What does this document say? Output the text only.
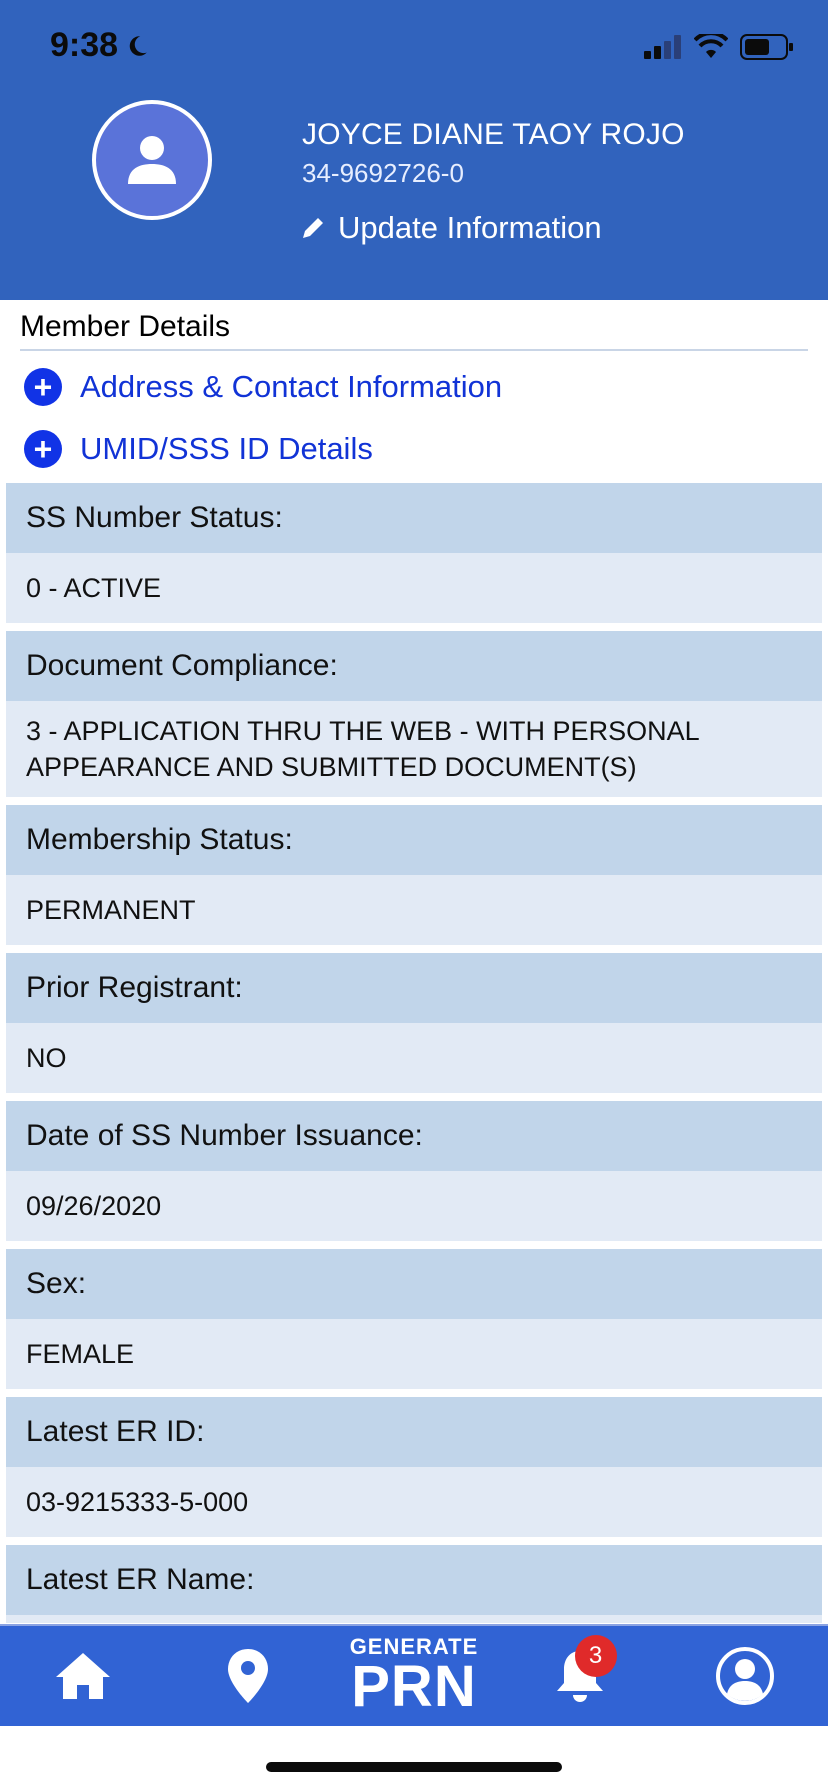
9:38
JOYCE DIANE TAOY ROJO
34-9692726-0
Update Information
Member Details
+ Address & Contact Information
+ UMID/SSS ID Details
SS Number Status:
0 - ACTIVE
Document Compliance:
3 - APPLICATION THRU THE WEB - WITH PERSONAL APPEARANCE AND SUBMITTED DOCUMENT(S)
Membership Status:
PERMANENT
Prior Registrant:
NO
Date of SS Number Issuance:
09/26/2020
Sex:
FEMALE
Latest ER ID:
03-9215333-5-000
Latest ER Name:
GENERATE
PRN	3
